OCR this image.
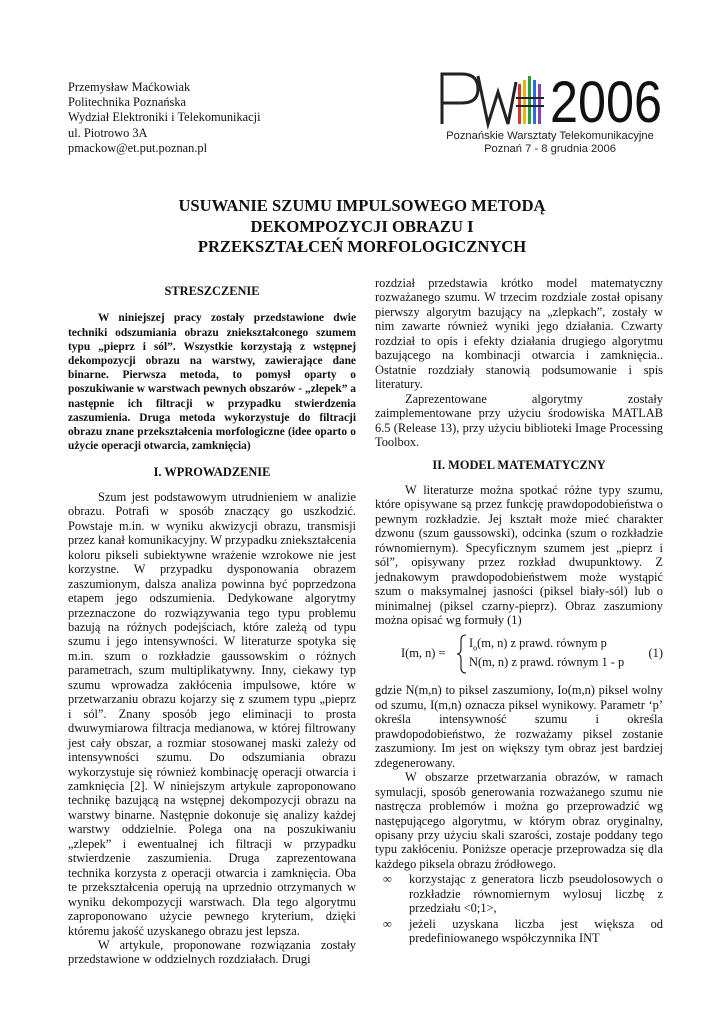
Przemysław Maćkowiak
Politechnika Poznańska
Wydział Elektroniki i Telekomunikacji
ul. Piotrowo 3A
pmackow@et.put.poznan.pl
2006
Poznańskie Warsztaty Telekomunikacyjne
Poznań 7 - 8 grudnia 2006
USUWANIE SZUMU IMPULSOWEGO METODĄ
DEKOMPOZYCJI OBRAZU I
PRZEKSZTAŁCEŃ MORFOLOGICZNYCH
STRESZCZENIE

W niniejszej pracy zostały przedstawione dwie techniki odszumiania obrazu zniekształconego szumem typu „pieprz i sól”. Wszystkie korzystają z wstępnej dekompozycji obrazu na warstwy, zawierające dane binarne. Pierwsza metoda, to pomysł oparty o poszukiwanie w warstwach pewnych obszarów - „zlepek” a następnie ich filtracji w przypadku stwierdzenia zaszumienia. Druga metoda wykorzystuje do filtracji obrazu znane przekształcenia morfologiczne (idee oparto o użycie operacji otwarcia, zamknięcia)

I. WPROWADZENIE

Szum jest podstawowym utrudnieniem w analizie obrazu. Potrafi w sposób znaczący go uszkodzić. Powstaje m.in. w wyniku akwizycji obrazu, transmisji przez kanał komunikacyjny. W przypadku zniekształcenia koloru pikseli subiektywne wrażenie wzrokowe nie jest korzystne. W przypadku dysponowania obrazem zaszumionym, dalsza analiza powinna być poprzedzona etapem jego odszumienia. Dedykowane algorytmy przeznaczone do rozwiązywania tego typu problemu bazują na różnych podejściach, które zależą od typu szumu i jego intensywności. W literaturze spotyka się m.in. szum o rozkładzie gaussowskim o różnych parametrach, szum multiplikatywny. Inny, ciekawy typ szumu wprowadza zakłócenia impulsowe, które w przetwarzaniu obrazu kojarzy się z szumem typu „pieprz i sól”. Znany sposób jego eliminacji to prosta dwuwymiarowa filtracja medianowa, w której filtrowany jest cały obszar, a rozmiar stosowanej maski zależy od intensywności szumu. Do odszumiania obrazu wykorzystuje się również kombinację operacji otwarcia i zamknięcia [2]. W niniejszym artykule zaproponowano technikę bazującą na wstępnej dekompozycji obrazu na warstwy binarne. Następnie dokonuje się analizy każdej warstwy oddzielnie. Polega ona na poszukiwaniu „zlepek” i ewentualnej ich filtracji w przypadku stwierdzenie zaszumienia. Druga zaprezentowana technika korzysta z operacji otwarcia i zamknięcia. Oba te przekształcenia operują na uprzednio otrzymanych w wyniku dekompozycji warstwach. Dla tego algorytmu zaproponowano użycie pewnego kryterium, dzięki któremu jakość uzyskanego obrazu jest lepsza.

W artykule, proponowane rozwiązania zostały przedstawione w oddzielnych rozdziałach. Drugi

rozdział przedstawia krótko model matematyczny rozważanego szumu. W trzecim rozdziale został opisany pierwszy algorytm bazujący na „zlepkach”, zostały w nim zawarte również wyniki jego działania. Czwarty rozdział to opis i efekty działania drugiego algorytmu bazującego na kombinacji otwarcia i zamknięcia.. Ostatnie rozdziały stanowią podsumowanie i spis literatury.

Zaprezentowane algorytmy zostały zaimplementowane przy użyciu środowiska MATLAB 6.5 (Release 13), przy użyciu biblioteki Image Processing Toolbox.

II. MODEL MATEMATYCZNY

W literaturze można spotkać różne typy szumu, które opisywane są przez funkcję prawdopodobieństwa o pewnym rozkładzie. Jej kształt może mieć charakter dzwonu (szum gaussowski), odcinka (szum o rozkładzie równomiernym). Specyficznym szumem jest „pieprz i sól”, opisywany przez rozkład dwupunktowy. Z jednakowym prawdopodobieństwem może wystąpić szum o maksymalnej jasności (piksel biały-sól) lub o minimalnej (piksel czarny-pieprz). Obraz zaszumiony można opisać wg formuły (1)

I(m, n) =
$I_o(m$, n) z prawd. równym p
N(m, n) z prawd. równym 1 - p
(1)

gdzie N(m,n) to piksel zaszumiony, Io(m,n) piksel wolny od szumu, I(m,n) oznacza piksel wynikowy. Parametr ‘p’ określa intensywność szumu i określa prawdopodobieństwo, że rozważamy piksel zostanie zaszumiony. Im jest on większy tym obraz jest bardziej zdegenerowany.

W obszarze przetwarzania obrazów, w ramach symulacji, sposób generowania rozważanego szumu nie nastręcza problemów i można go przeprowadzić wg następującego algorytmu, w którym obraz oryginalny, opisany przy użyciu skali szarości, zostaje poddany tego typu zakłóceniu. Poniższe operacje przeprowadza się dla każdego piksela obrazu źródłowego.

∞	korzystając z generatora liczb pseudolosowych o rozkładzie równomiernym wylosuj liczbę z przedziału <0;1>,
∞	jeżeli uzyskana liczba jest większa od predefiniowanego współczynnika INT
